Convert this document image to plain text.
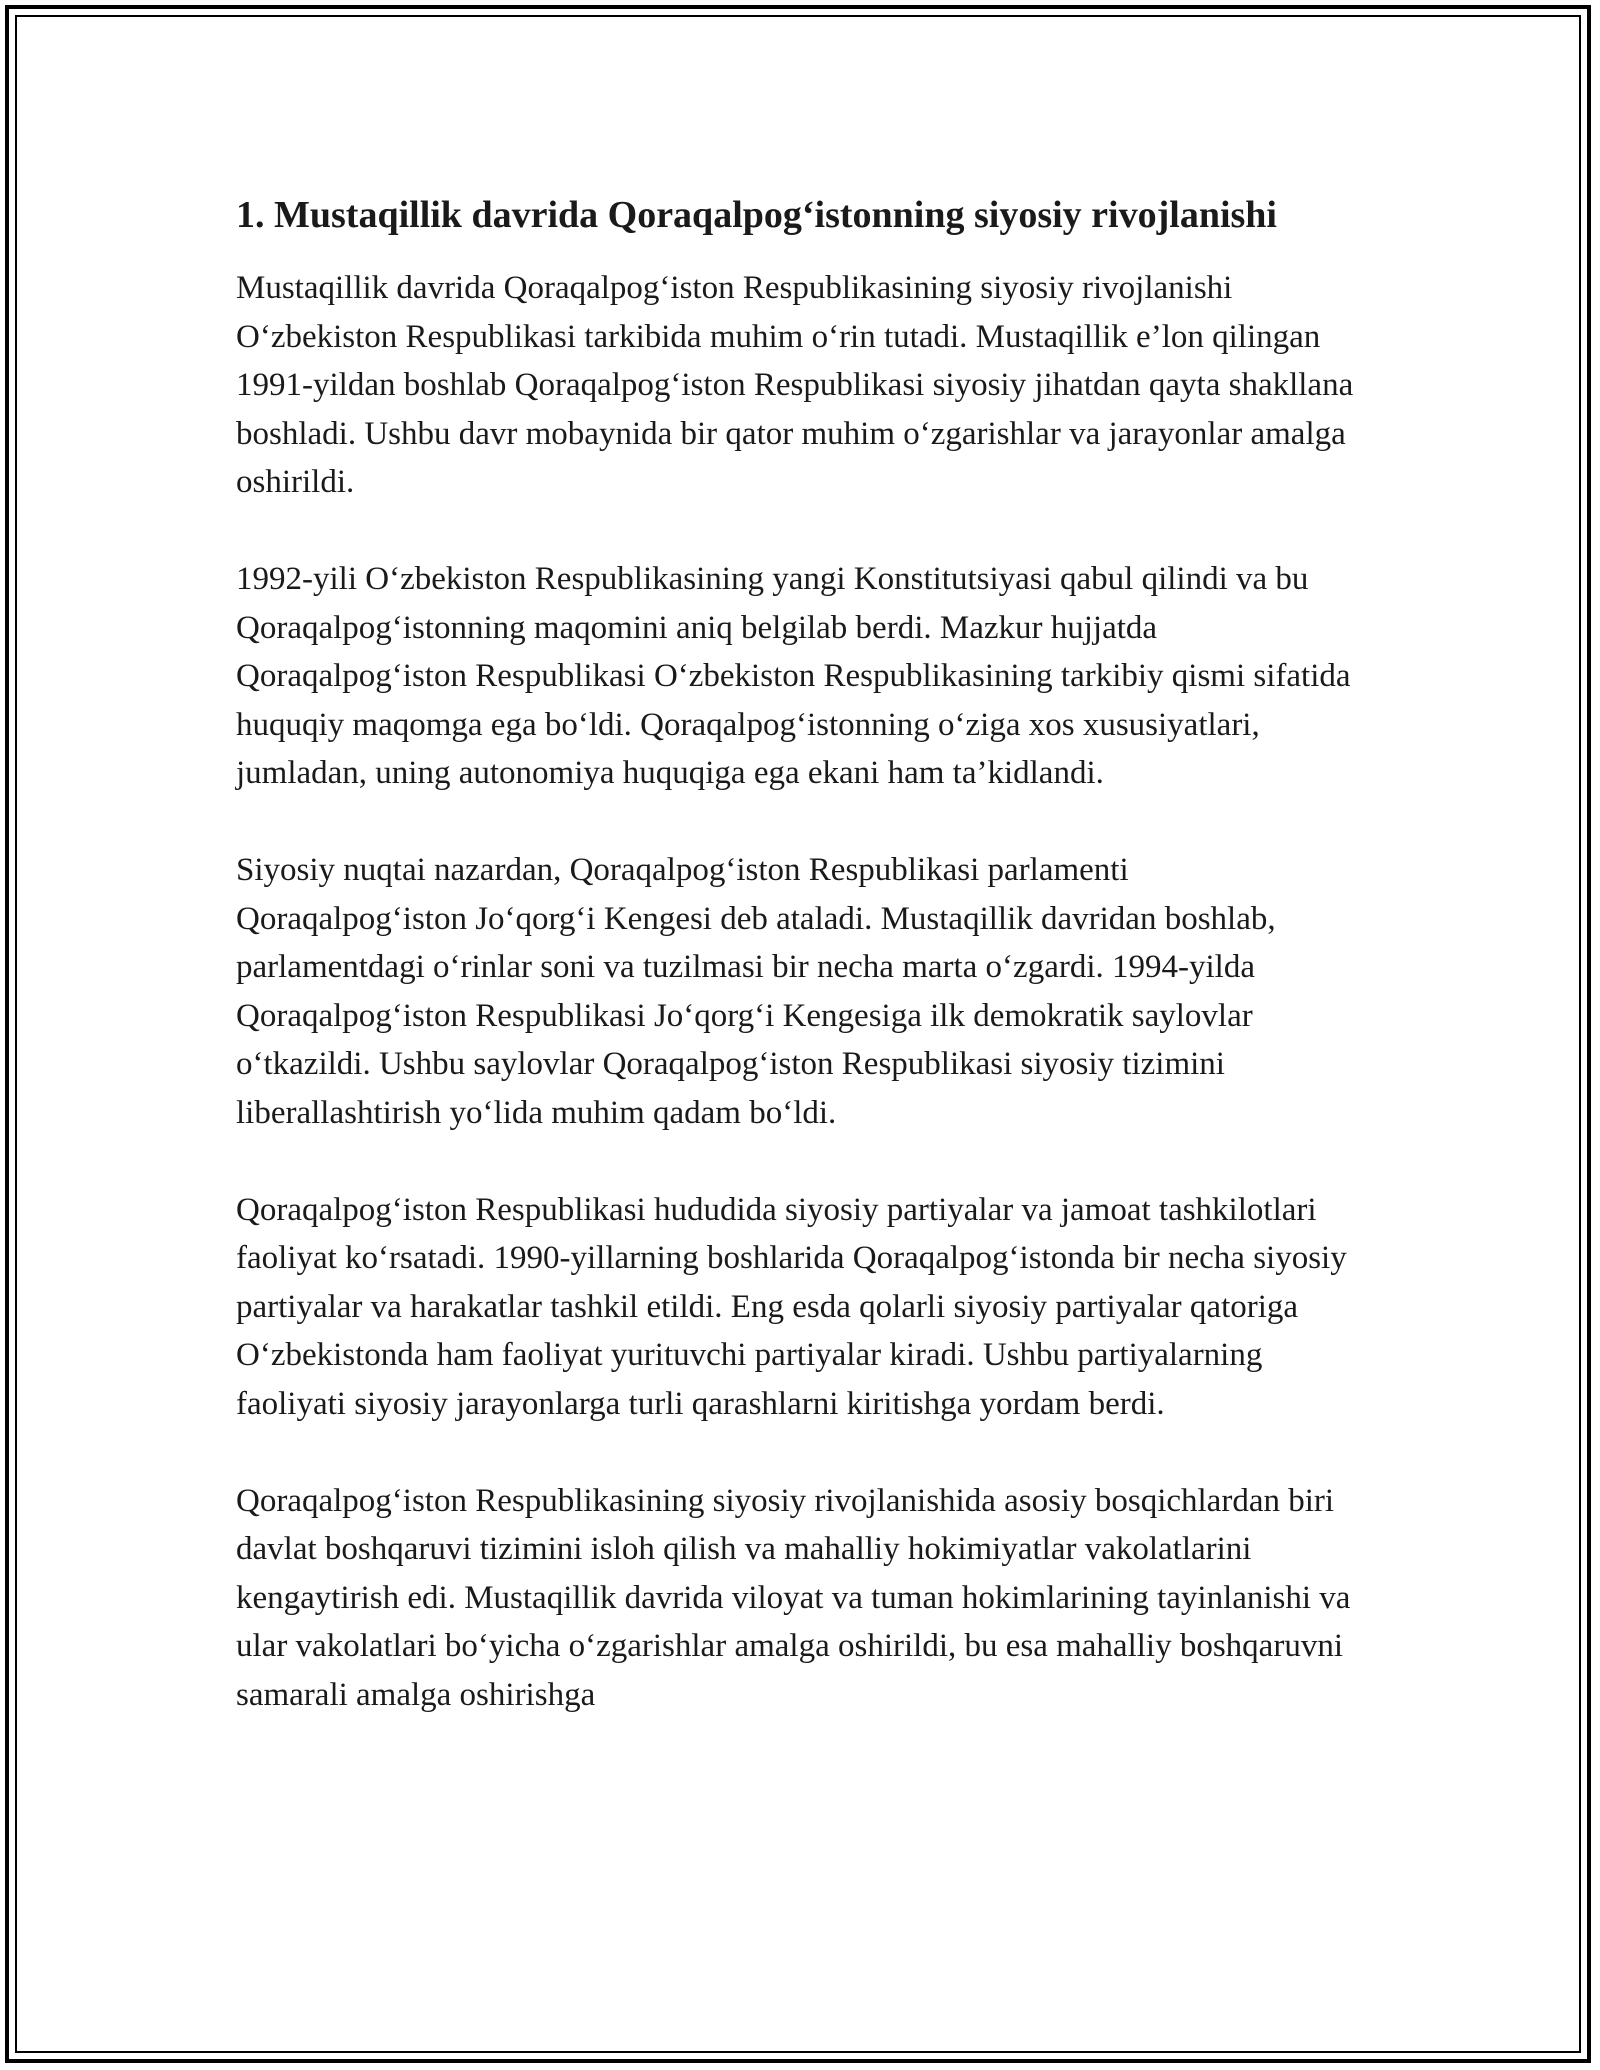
1. Mustaqillik davrida Qoraqalpogʻistonning siyosiy rivojlanishi

Mustaqillik davrida Qoraqalpogʻiston Respublikasining siyosiy rivojlanishi Oʻzbekiston Respublikasi tarkibida muhim oʻrin tutadi. Mustaqillik e’lon qilingan 1991-yildan boshlab Qoraqalpogʻiston Respublikasi siyosiy jihatdan qayta shakllana boshladi. Ushbu davr mobaynida bir qator muhim oʻzgarishlar va jarayonlar amalga oshirildi.

1992-yili Oʻzbekiston Respublikasining yangi Konstitutsiyasi qabul qilindi va bu Qoraqalpogʻistonning maqomini aniq belgilab berdi. Mazkur hujjatda Qoraqalpogʻiston Respublikasi Oʻzbekiston Respublikasining tarkibiy qismi sifatida huquqiy maqomga ega boʻldi. Qoraqalpogʻistonning oʻziga xos xususiyatlari, jumladan, uning autonomiya huquqiga ega ekani ham ta’kidlandi.

Siyosiy nuqtai nazardan, Qoraqalpogʻiston Respublikasi parlamenti Qoraqalpogʻiston Joʻqorgʻi Kengesi deb ataladi. Mustaqillik davridan boshlab, parlamentdagi oʻrinlar soni va tuzilmasi bir necha marta oʻzgardi. 1994-yilda Qoraqalpogʻiston Respublikasi Joʻqorgʻi Kengesiga ilk demokratik saylovlar oʻtkazildi. Ushbu saylovlar Qoraqalpogʻiston Respublikasi siyosiy tizimini liberallashtirish yoʻlida muhim qadam boʻldi.

Qoraqalpogʻiston Respublikasi hududida siyosiy partiyalar va jamoat tashkilotlari faoliyat koʻrsatadi. 1990-yillarning boshlarida Qoraqalpogʻistonda bir necha siyosiy partiyalar va harakatlar tashkil etildi. Eng esda qolarli siyosiy partiyalar qatoriga Oʻzbekistonda ham faoliyat yurituvchi partiyalar kiradi. Ushbu partiyalarning faoliyati siyosiy jarayonlarga turli qarashlarni kiritishga yordam berdi.

Qoraqalpogʻiston Respublikasining siyosiy rivojlanishida asosiy bosqichlardan biri davlat boshqaruvi tizimini isloh qilish va mahalliy hokimiyatlar vakolatlarini kengaytirish edi. Mustaqillik davrida viloyat va tuman hokimlarining tayinlanishi va ular vakolatlari boʻyicha oʻzgarishlar amalga oshirildi, bu esa mahalliy boshqaruvni samarali amalga oshirishga
